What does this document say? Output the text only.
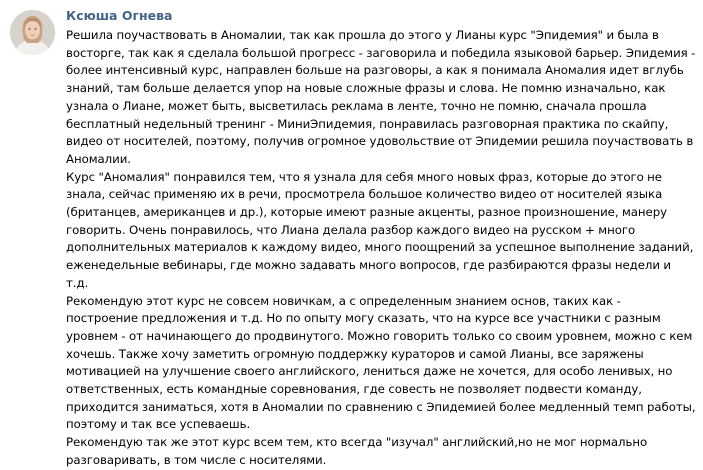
Ксюша Огнева

Решила поучаствовать в Аномалии, так как прошла до этого у Лианы курс "Эпидемия" и была в восторге, так как я сделала большой прогресс - заговорила и победила языковой барьер. Эпидемия - более интенсивный курс, направлен больше на разговоры, а как я понимала Аномалия идет вглубь знаний, там больше делается упор на новые сложные фразы и слова. Не помню изначально, как узнала о Лиане, может быть, высветилась реклама в ленте, точно не помню, сначала прошла бесплатный недельный тренинг - МиниЭпидемия, понравилась разговорная практика по скайпу, видео от носителей, поэтому, получив огромное удовольствие от Эпидемии решила поучаствовать в Аномалии.

Курс "Аномалия" понравился тем, что я узнала для себя много новых фраз, которые до этого не знала, сейчас применяю их в речи, просмотрела большое количество видео от носителей языка (британцев, американцев и др.), которые имеют разные акценты, разное произношение, манеру говорить. Очень понравилось, что Лиана делала разбор каждого видео на русском + много дополнительных материалов к каждому видео, много поощрений за успешное выполнение заданий, еженедельные вебинары, где можно задавать много вопросов, где разбираются фразы недели и т.д.

Рекомендую этот курс не совсем новичкам, а с определенным знанием основ, таких как - построение предложения и т.д. Но по опыту могу сказать, что на курсе все участники с разным уровнем - от начинающего до продвинутого. Можно говорить только со своим уровнем, можно с кем хочешь. Также хочу заметить огромную поддержку кураторов и самой Лианы, все заряжены мотивацией на улучшение своего английского, лениться даже не хочется, для особо ленивых, но ответственных, есть командные соревнования, где совесть не позволяет подвести команду, приходится заниматься, хотя в Аномалии по сравнению с Эпидемией более медленный темп работы, поэтому и так все успеваешь.

Рекомендую так же этот курс всем тем, кто всегда "изучал" английский,но не мог нормально разговаривать, в том числе с носителями.
